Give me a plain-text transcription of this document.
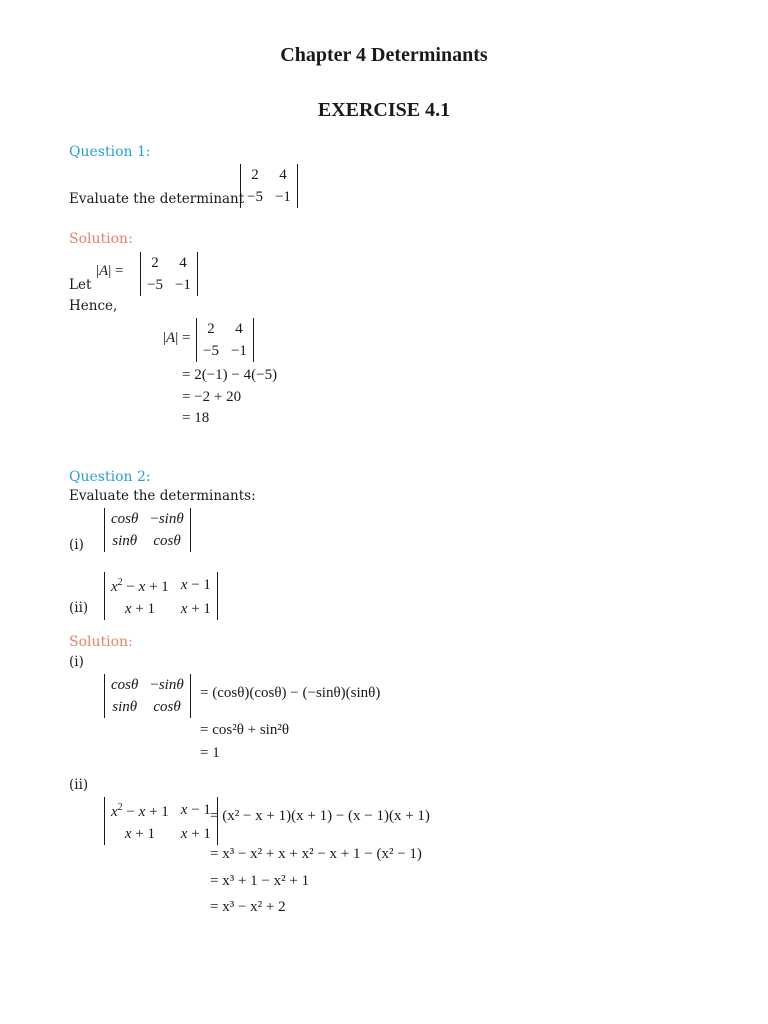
Chapter 4 Determinants
EXERCISE 4.1
Question 1:
Evaluate the determinant
2	4
−5	−1
Solution:
Let
|A| = 2	4
−5	−1
Hence,
|A| =
2	4
−5	−1
= 2(−1) − 4(−5)
= −2 + 20
= 18
Question 2:
Evaluate the determinants:
(i)
cosθ	−sinθ
sinθ	cosθ
(ii)
$x^2 - x + 1$	x − 1
x + 1	x + 1
Solution:
(i)
cosθ	−sinθ
sinθ	cosθ
= (cosθ)(cosθ) − (−sinθ)(sinθ)
= cos²θ + sin²θ
= 1
(ii)
$x^2 - x + 1$	x − 1
x + 1	x + 1
= (x² − x + 1)(x + 1) − (x − 1)(x + 1)
= x³ − x² + x + x² − x + 1 − (x² − 1)
= x³ + 1 − x² + 1
= x³ − x² + 2
